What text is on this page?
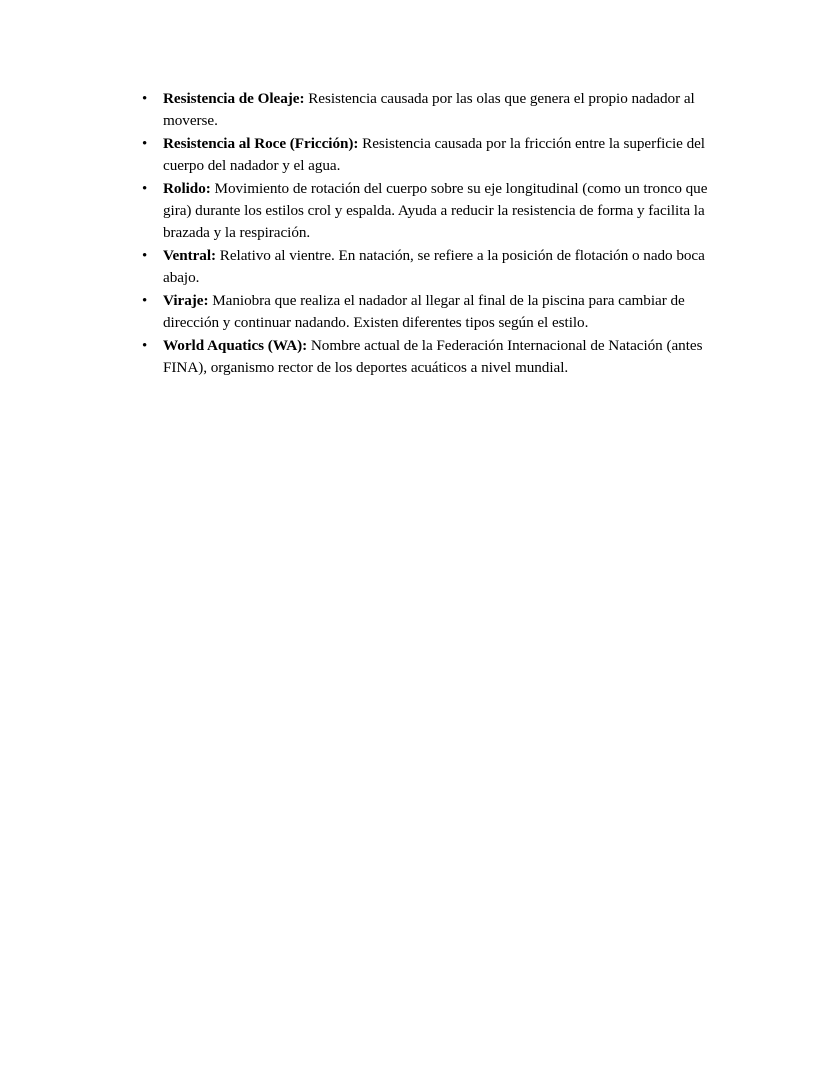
•	Resistencia de Oleaje: Resistencia causada por las olas que genera el propio nadador al moverse.
•	Resistencia al Roce (Fricción): Resistencia causada por la fricción entre la superficie del cuerpo del nadador y el agua.
•	Rolido: Movimiento de rotación del cuerpo sobre su eje longitudinal (como un tronco que gira) durante los estilos crol y espalda. Ayuda a reducir la resistencia de forma y facilita la brazada y la respiración.
•	Ventral: Relativo al vientre. En natación, se refiere a la posición de flotación o nado boca abajo.
•	Viraje: Maniobra que realiza el nadador al llegar al final de la piscina para cambiar de dirección y continuar nadando. Existen diferentes tipos según el estilo.
•	World Aquatics (WA): Nombre actual de la Federación Internacional de Natación (antes FINA), organismo rector de los deportes acuáticos a nivel mundial.
